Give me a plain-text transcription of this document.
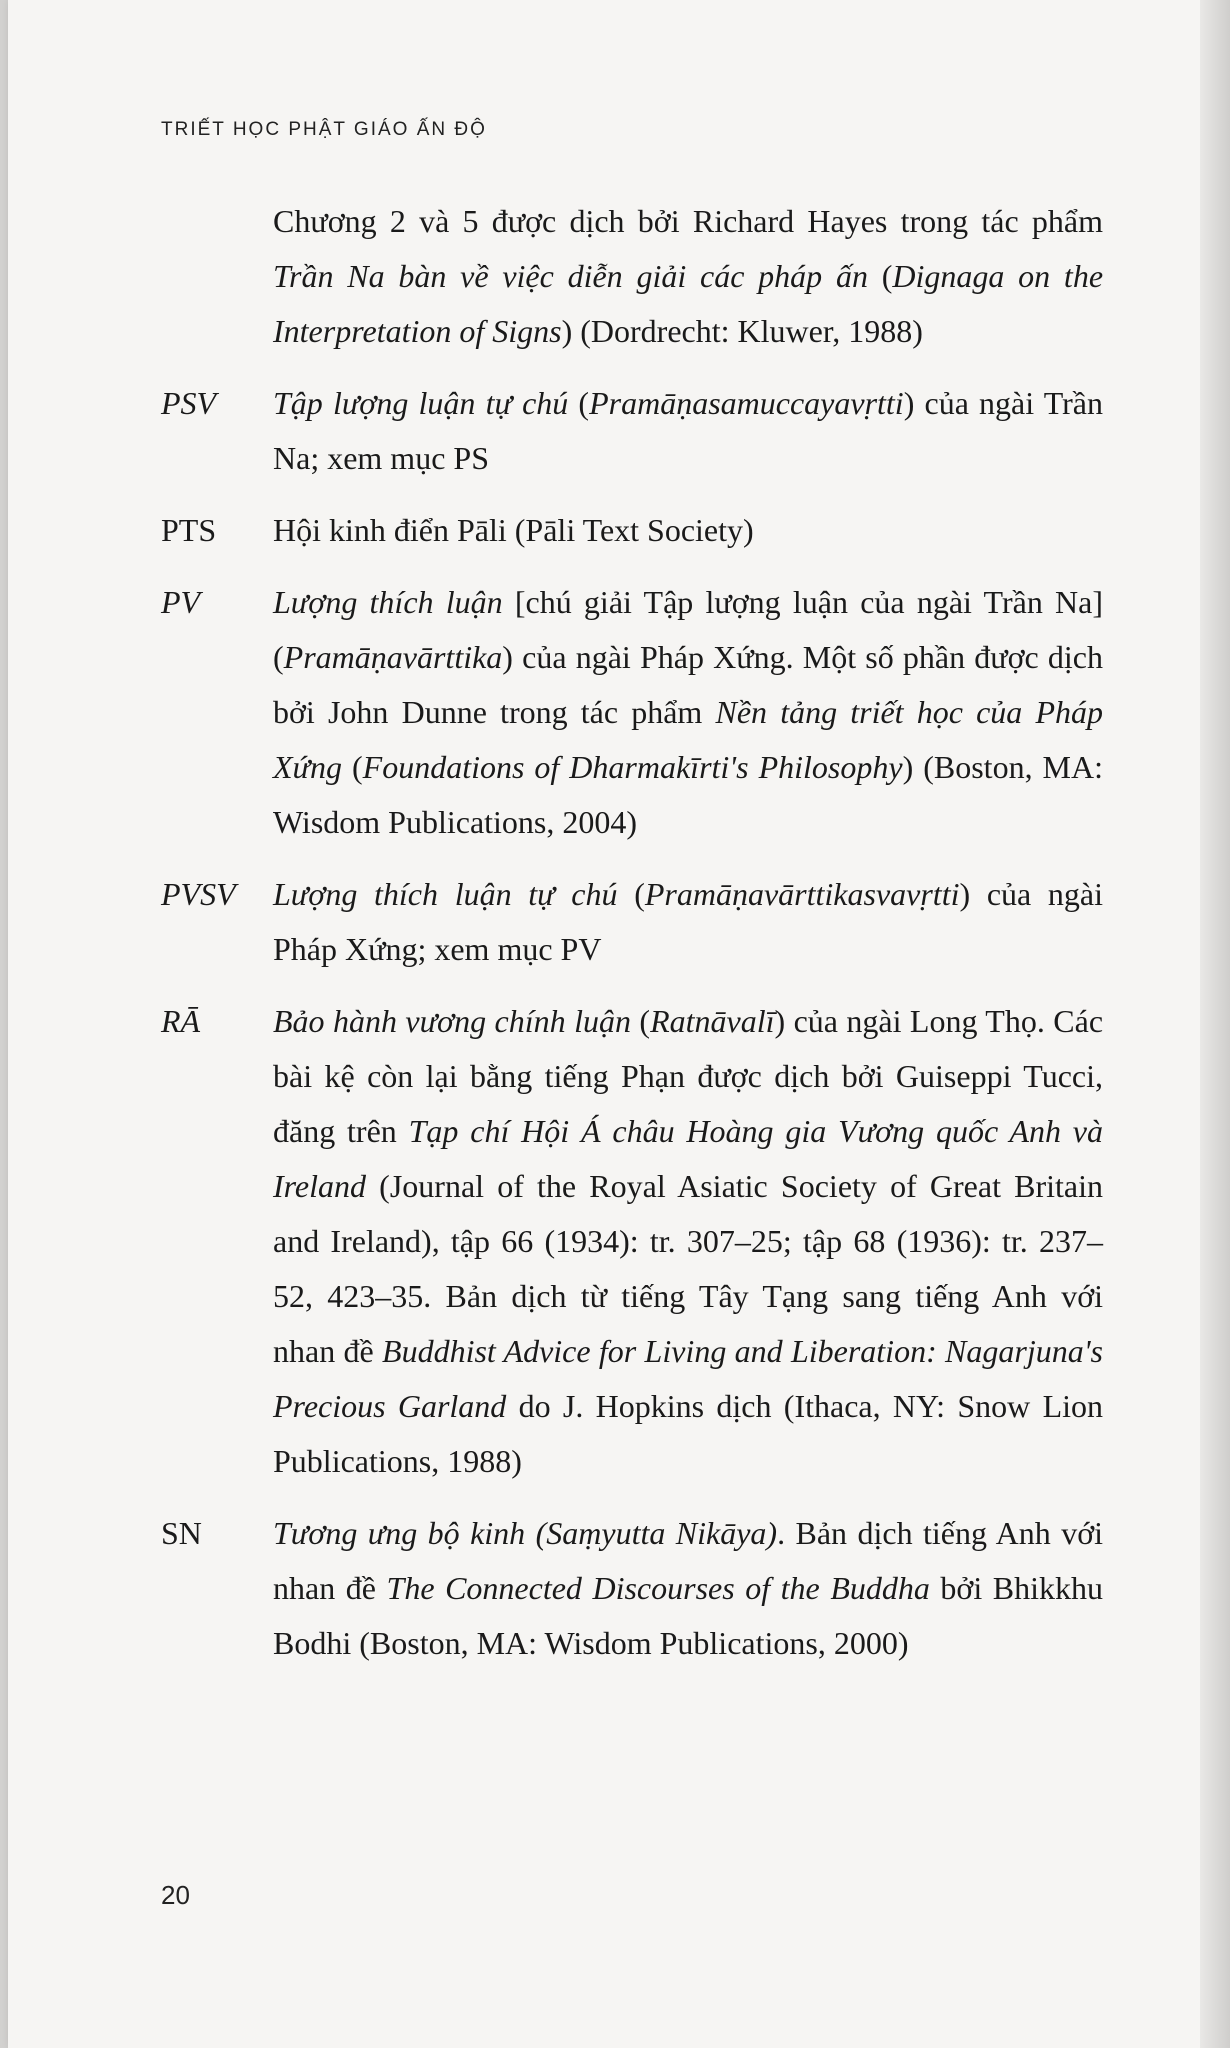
TRIẾT HỌC PHẬT GIÁO ẤN ĐỘ

Chương 2 và 5 được dịch bởi Richard Hayes trong tác phẩm Trần Na bàn về việc diễn giải các pháp ấn (Dignaga on the Interpretation of Signs) (Dordrecht: Kluwer, 1988)
PSV	Tập lượng luận tự chú (Pramāṇasamuccayavṛtti) của ngài Trần Na; xem mục PS
PTS	Hội kinh điển Pāli (Pāli Text Society)
PV	Lượng thích luận [chú giải Tập lượng luận của ngài Trần Na] (Pramāṇavārttika) của ngài Pháp Xứng. Một số phần được dịch bởi John Dunne trong tác phẩm Nền tảng triết học của Pháp Xứng (Foundations of Dharmakīrti's Philosophy) (Boston, MA: Wisdom Publications, 2004)
PVSV	Lượng thích luận tự chú (Pramāṇavārttikasvavṛtti) của ngài Pháp Xứng; xem mục PV
RĀ	Bảo hành vương chính luận (Ratnāvalī) của ngài Long Thọ. Các bài kệ còn lại bằng tiếng Phạn được dịch bởi Guiseppi Tucci, đăng trên Tạp chí Hội Á châu Hoàng gia Vương quốc Anh và Ireland (Journal of the Royal Asiatic Society of Great Britain and Ireland), tập 66 (1934): tr. 307–25; tập 68 (1936): tr. 237–52, 423–35. Bản dịch từ tiếng Tây Tạng sang tiếng Anh với nhan đề Buddhist Advice for Living and Liberation: Nagarjuna's Precious Garland do J. Hopkins dịch (Ithaca, NY: Snow Lion Publications, 1988)
SN	Tương ưng bộ kinh (Saṃyutta Nikāya). Bản dịch tiếng Anh với nhan đề The Connected Discourses of the Buddha bởi Bhikkhu Bodhi (Boston, MA: Wisdom Publications, 2000)
20
